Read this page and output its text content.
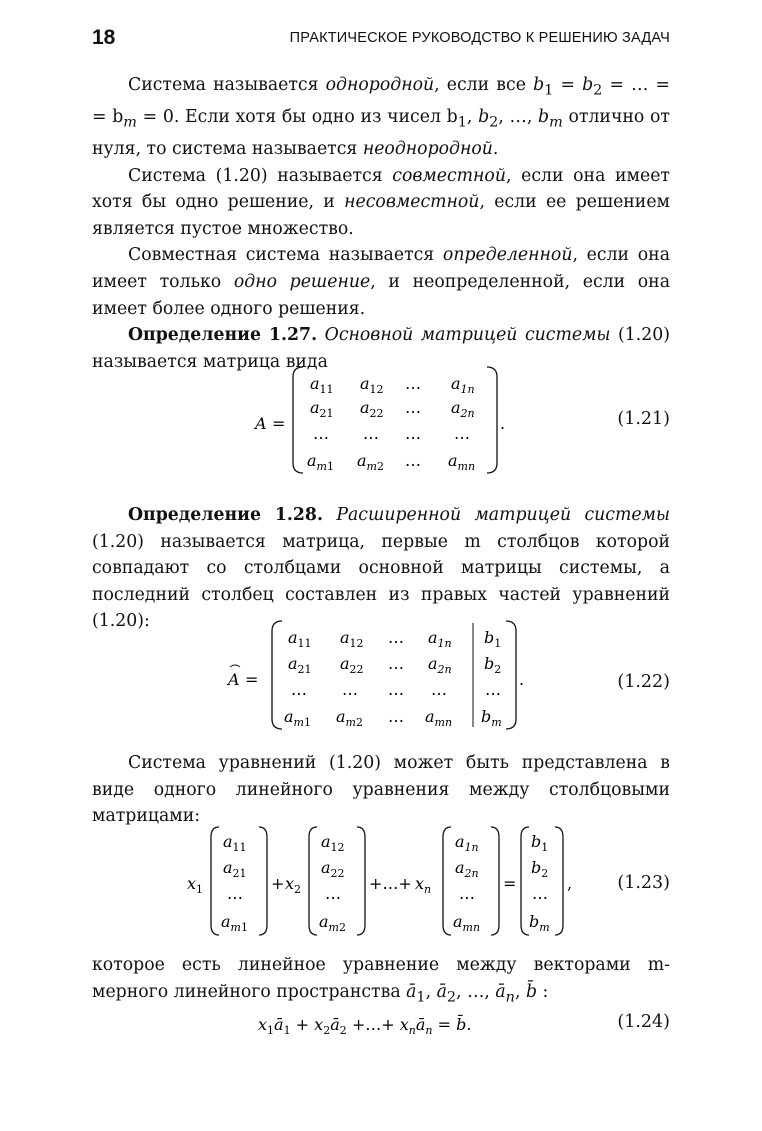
18	ПРАКТИЧЕСКОЕ РУКОВОДСТВО К РЕШЕНИЮ ЗАДАЧ

Система называется однородной, если все $b_1 = b_2$ = … = = $b_m = 0$. Если хотя бы одно из чисел $b_1$, $b_2$, …, $b_m$ отлично от нуля, то система называется неоднородной.

Система (1.20) называется совместной, если она имеет хотя бы одно решение, и несовместной, если ее решением является пустое множество.

Совместная система называется определенной, если она имеет только одно решение, и неопределенной, если она имеет более одного решения.

Определение 1.27. Основной матрицей системы (1.20) называется матрица вида

A =
$a_{11}$ $a_{12}$ … $a_{1n}$
$a_{21}$ $a_{22}$ … $a_{2n}$
… … … …
$a_m1$ $a_m2$ … $a_{mn}$
.	(1.21)

Определение 1.28. Расширенной матрицей системы (1.20) называется матрица, первые m столбцов которой совпадают со столбцами основной матрицы системы, а последний столбец составлен из правых частей уравнений (1.20):

A =
$a_{11}$ $a_{12}$ … $a_{1n}$ $b_1$
$a_{21}$ $a_{22}$ … $a_{2n}$ $b_2$
… … … … …
$a_m1$ $a_m2$ … $a_{mn}$ $b_m$
.	(1.22)

Система уравнений (1.20) может быть представлена в виде одного линейного уравнения между столбцовыми матрицами:

$x_1$
$a_{11}$
$a_{21}$
…
$a_m1$
+ $x_2$
$a_{12}$
$a_{22}$
…
$a_m2$
+…+ $x_n$
$a_{1n}$
$a_{2n}$
…
$a_{mn}$
=
$b_1$
$b_2$
…
$b_m$
,	(1.23)

которое есть линейное уравнение между векторами m-мерного линейного пространства $ā_1$, $ā_2$, …, $ā_n$, b̄ :

$x_1ā_1$ + $x_2ā_2$ +…+ $x_nā_n$ = b̄.	(1.24)
